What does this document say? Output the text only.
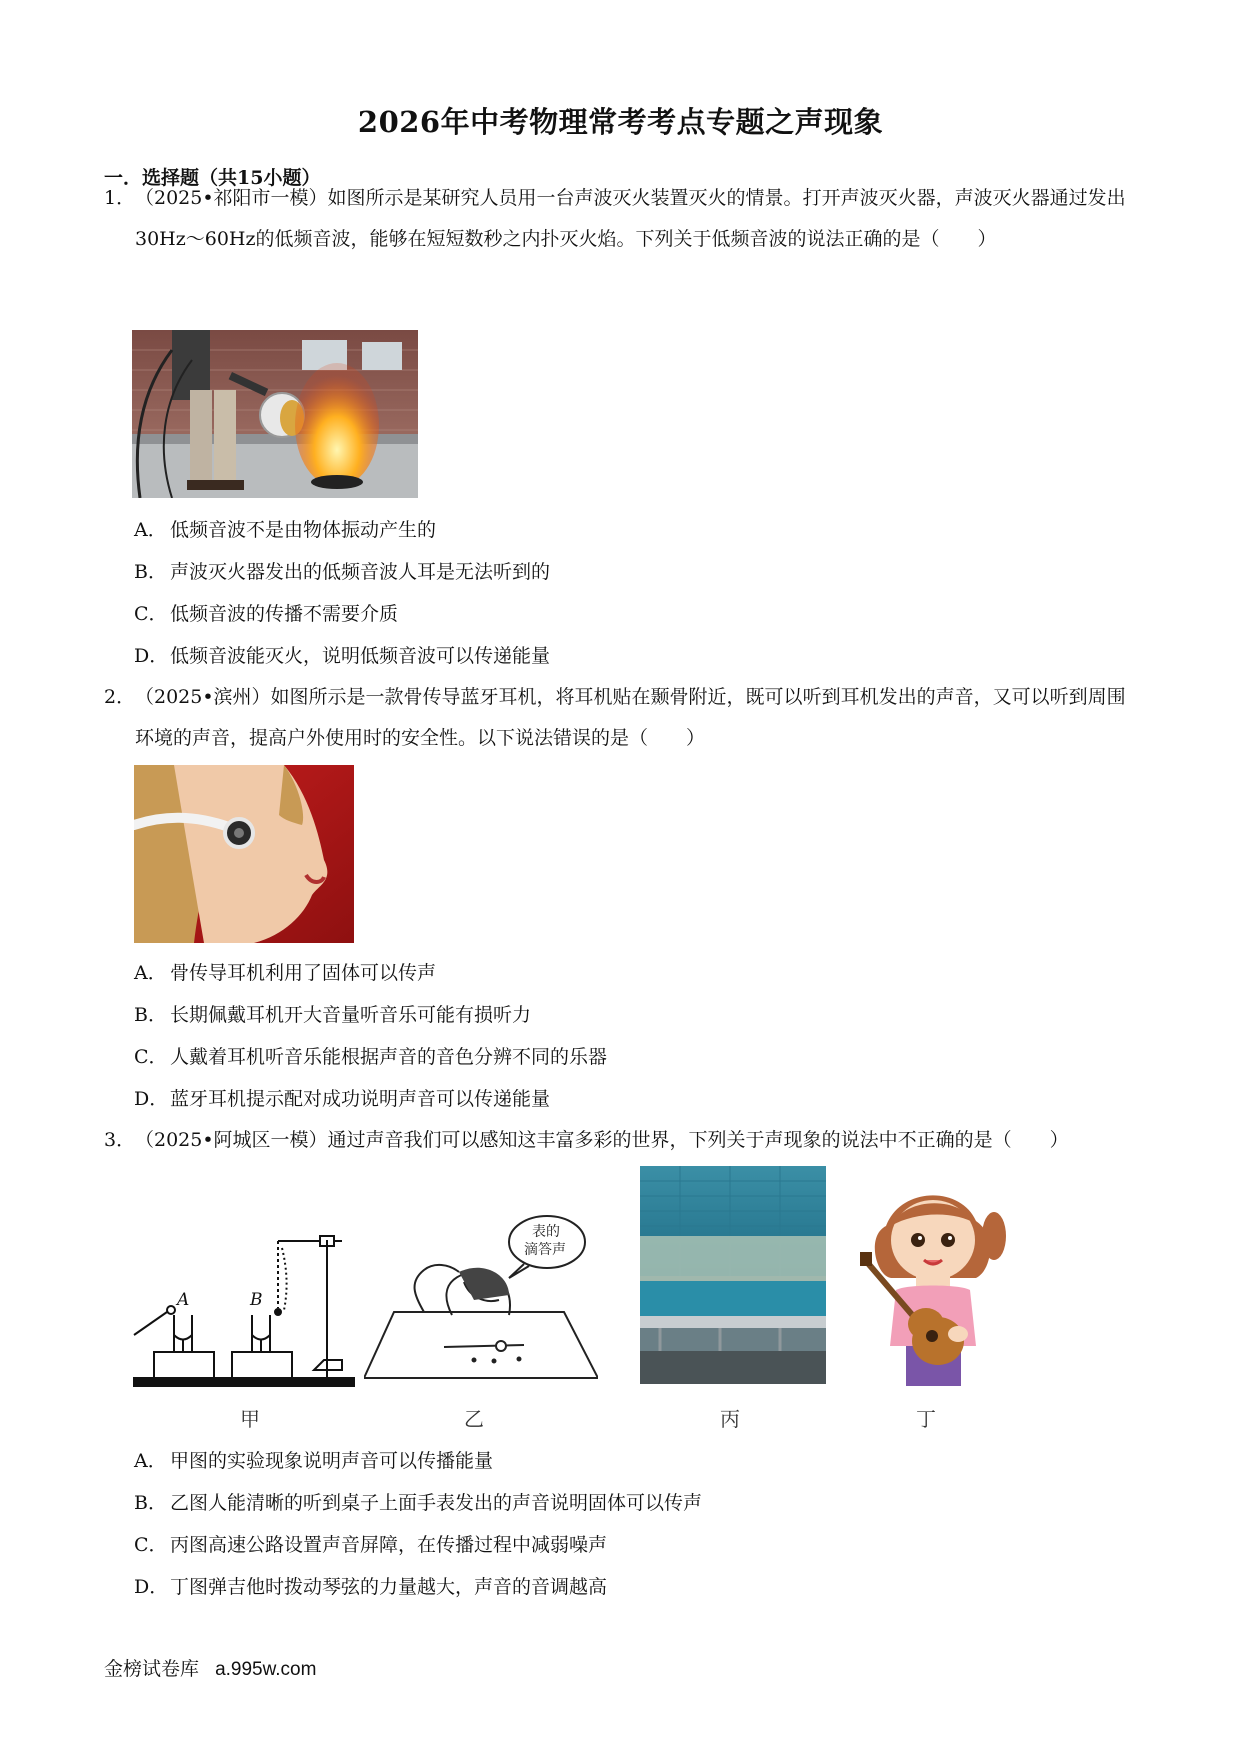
2026年中考物理常考考点专题之声现象
一．选择题（共15小题）
1． （2025•祁阳市一模）如图所示是某研究人员用一台声波灭火装置灭火的情景。打开声波灭火器，声波灭火器通过发出30Hz～60Hz的低频音波，能够在短短数秒之内扑灭火焰。下列关于低频音波的说法正确的是（　　）
A． 低频音波不是由物体振动产生的
B． 声波灭火器发出的低频音波人耳是无法听到的
C． 低频音波的传播不需要介质
D．低频音波能灭火，说明低频音波可以传递能量
2． （2025•滨州）如图所示是一款骨传导蓝牙耳机，将耳机贴在颞骨附近，既可以听到耳机发出的声音，又可以听到周围环境的声音，提高户外使用时的安全性。以下说法错误的是（　　）
A． 骨传导耳机利用了固体可以传声
B． 长期佩戴耳机开大音量听音乐可能有损听力
C． 人戴着耳机听音乐能根据声音的音色分辨不同的乐器
D．蓝牙耳机提示配对成功说明声音可以传递能量
3． （2025•阿城区一模）通过声音我们可以感知这丰富多彩的世界，下列关于声现象的说法中不正确的是（　　）
A	B
甲
表的
滴答声
乙	丙	丁
A． 甲图的实验现象说明声音可以传播能量
B． 乙图人能清晰的听到桌子上面手表发出的声音说明固体可以传声
C． 丙图高速公路设置声音屏障，在传播过程中减弱噪声
D．丁图弹吉他时拨动琴弦的力量越大，声音的音调越高
金榜试卷库 a.995w.com
